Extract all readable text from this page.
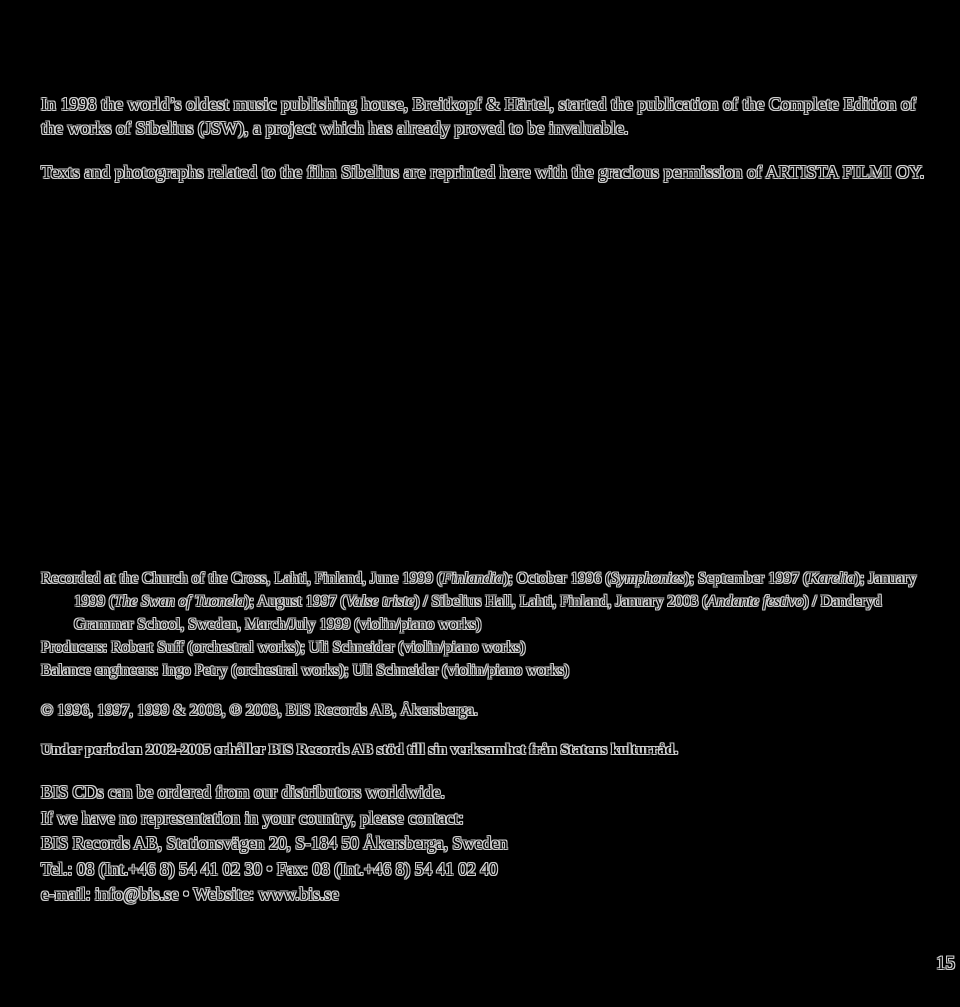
In 1998 the world’s oldest music publishing house, Breitkopf & Härtel, started the publication of the Complete Edition of the works of Sibelius (JSW), a project which has already proved to be invaluable.

Texts and photographs related to the film Sibelius are reprinted here with the gracious permission of ARTISTA FILMI OY.

Recorded at the Church of the Cross, Lahti, Finland, June 1999 (Finlandia); October 1996 (Symphonies); September 1997 (Karelia); January 1999 (The Swan of Tuonela); August 1997 (Valse triste) / Sibelius Hall, Lahti, Finland, January 2003 (Andante festivo) / Danderyd Grammar School, Sweden, March/July 1999 (violin/piano works)

Producers: Robert Suff (orchestral works); Uli Schneider (violin/piano works)

Balance engineers: Ingo Petry (orchestral works); Uli Schneider (violin/piano works)

© 1996, 1997, 1999 & 2003, ℗ 2003, BIS Records AB, Åkersberga.
Under perioden 2002-2005 erhåller BIS Records AB stöd till sin verksamhet från Statens kulturråd.

BIS CDs can be ordered from our distributors worldwide.

If we have no representation in your country, please contact:

BIS Records AB, Stationsvägen 20, S-184 50 Åkersberga, Sweden

Tel.: 08 (Int.+46 8) 54 41 02 30 • Fax: 08 (Int.+46 8) 54 41 02 40

e-mail: info@bis.se • Website: www.bis.se

15
